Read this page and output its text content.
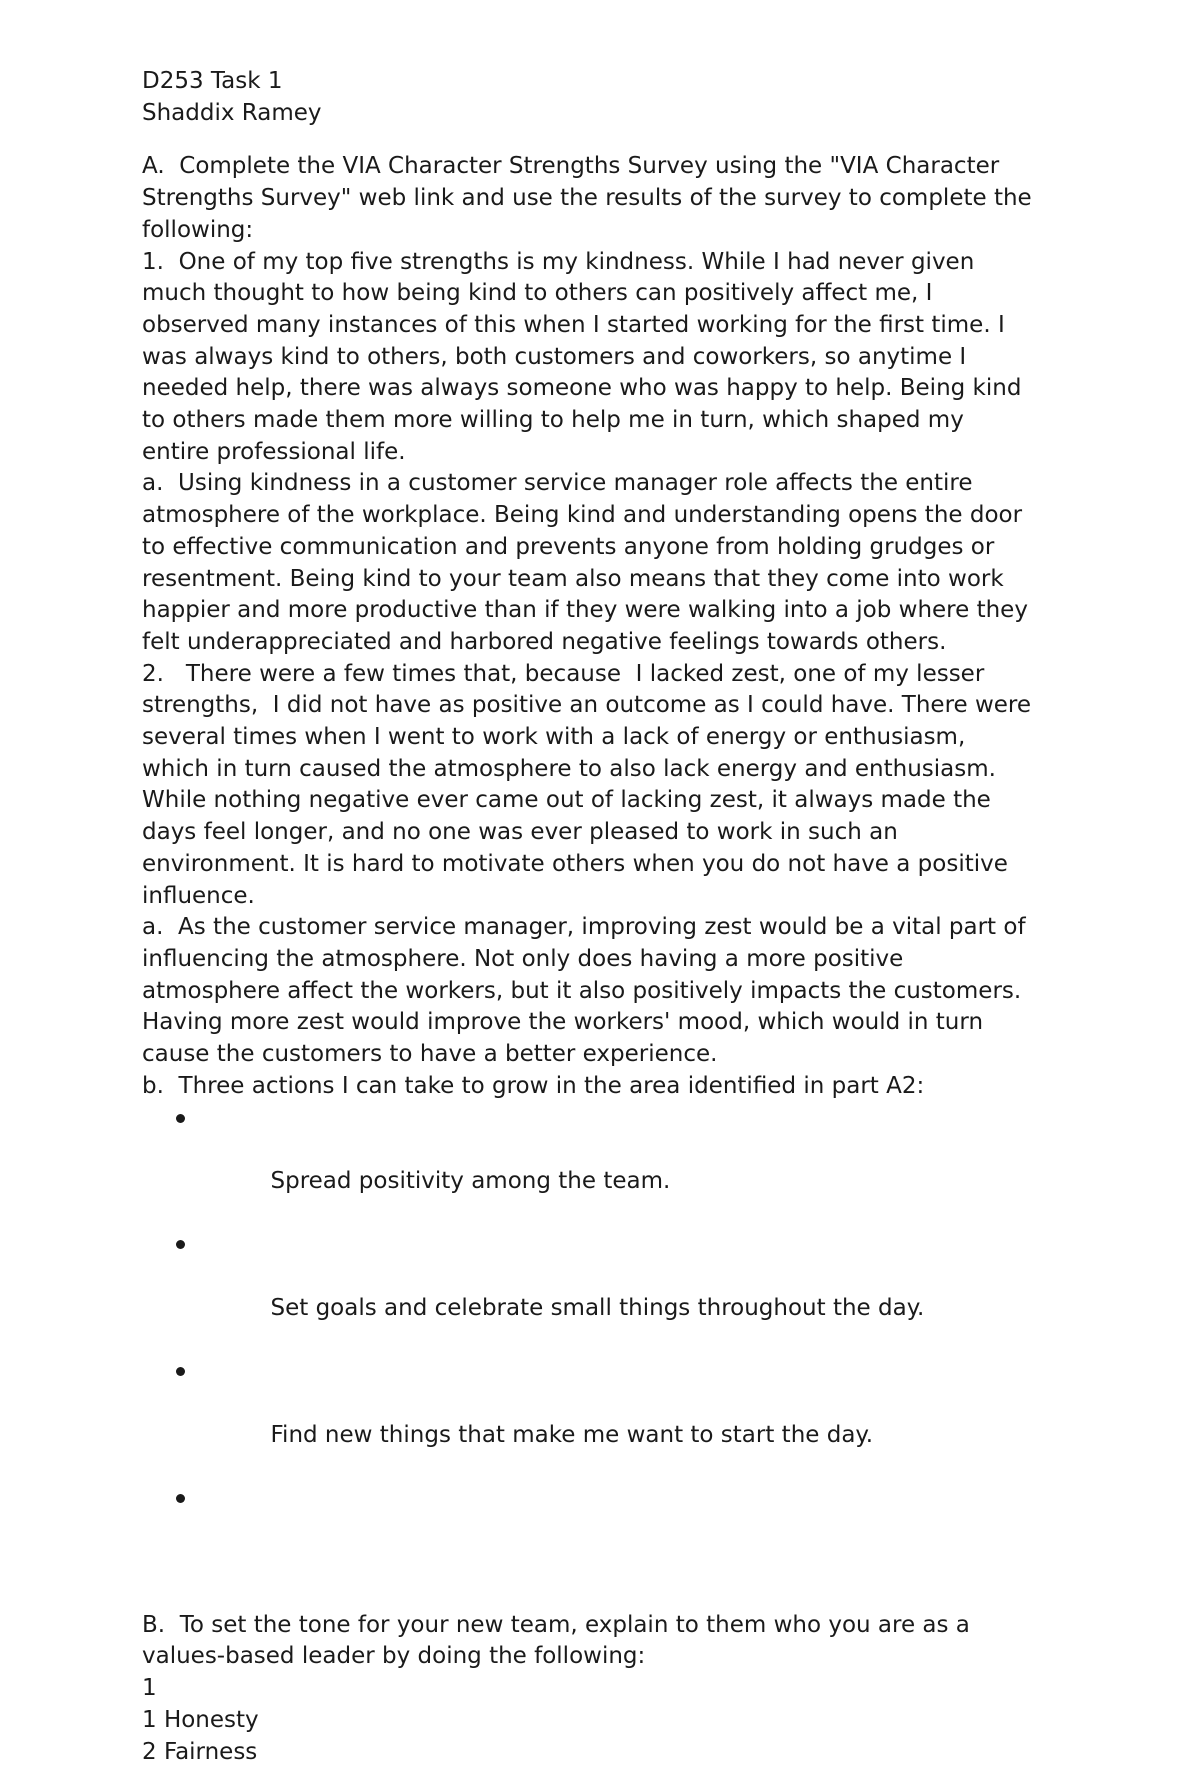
D253 Task 1
Shaddix Ramey
A.  Complete the VIA Character Strengths Survey using the "VIA Character
Strengths Survey" web link and use the results of the survey to complete the
following:
1.  One of my top five strengths is my kindness. While I had never given
much thought to how being kind to others can positively affect me, I
observed many instances of this when I started working for the first time. I
was always kind to others, both customers and coworkers, so anytime I
needed help, there was always someone who was happy to help. Being kind
to others made them more willing to help me in turn, which shaped my
entire professional life.
a.  Using kindness in a customer service manager role affects the entire
atmosphere of the workplace. Being kind and understanding opens the door
to effective communication and prevents anyone from holding grudges or
resentment. Being kind to your team also means that they come into work
happier and more productive than if they were walking into a job where they
felt underappreciated and harbored negative feelings towards others.
2.   There were a few times that, because  I lacked zest, one of my lesser
strengths,  I did not have as positive an outcome as I could have. There were
several times when I went to work with a lack of energy or enthusiasm,
which in turn caused the atmosphere to also lack energy and enthusiasm.
While nothing negative ever came out of lacking zest, it always made the
days feel longer, and no one was ever pleased to work in such an
environment. It is hard to motivate others when you do not have a positive
influence.
a.  As the customer service manager, improving zest would be a vital part of
influencing the atmosphere. Not only does having a more positive
atmosphere affect the workers, but it also positively impacts the customers.
Having more zest would improve the workers' mood, which would in turn
cause the customers to have a better experience.
b.  Three actions I can take to grow in the area identified in part A2:

Spread positivity among the team.

Set goals and celebrate small things throughout the day.

Find new things that make me want to start the day.

B.  To set the tone for your new team, explain to them who you are as a
values-based leader by doing the following:
1
1 Honesty
2 Fairness
